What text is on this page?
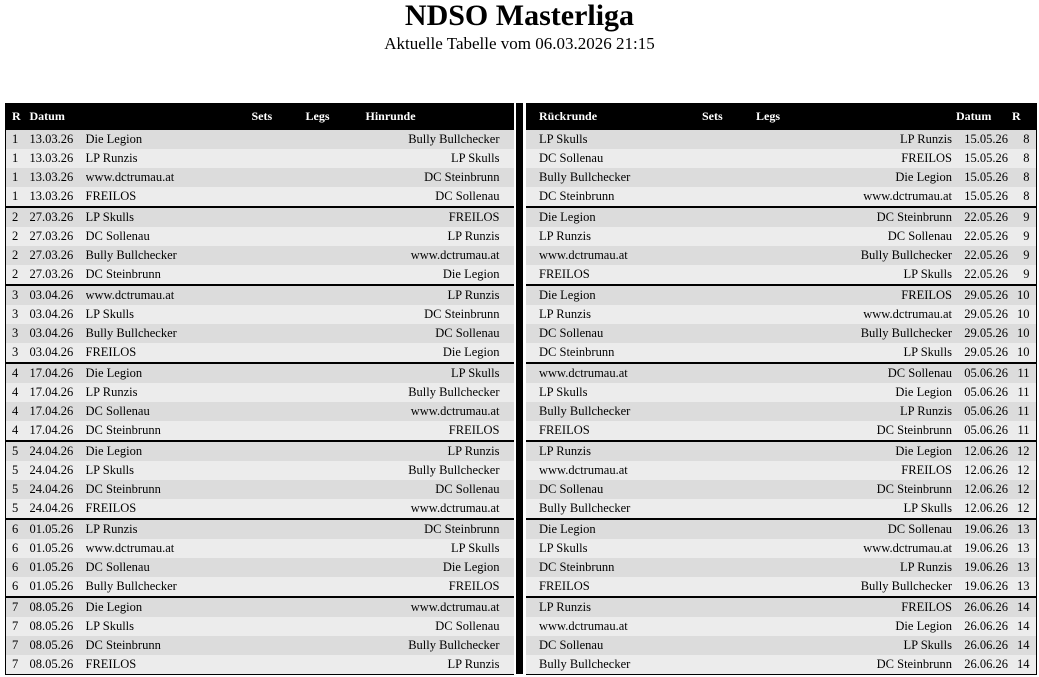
NDSO Masterliga
Aktuelle Tabelle vom 06.03.2026 21:15
R	Datum		Sets	Legs	Hinrunde
1	13.03.26	Die Legion			Bully Bullchecker
1	13.03.26	LP Runzis			LP Skulls
1	13.03.26	www.dctrumau.at			DC Steinbrunn
1	13.03.26	FREILOS			DC Sollenau
2	27.03.26	LP Skulls			FREILOS
2	27.03.26	DC Sollenau			LP Runzis
2	27.03.26	Bully Bullchecker			www.dctrumau.at
2	27.03.26	DC Steinbrunn			Die Legion
3	03.04.26	www.dctrumau.at			LP Runzis
3	03.04.26	LP Skulls			DC Steinbrunn
3	03.04.26	Bully Bullchecker			DC Sollenau
3	03.04.26	FREILOS			Die Legion
4	17.04.26	Die Legion			LP Skulls
4	17.04.26	LP Runzis			Bully Bullchecker
4	17.04.26	DC Sollenau			www.dctrumau.at
4	17.04.26	DC Steinbrunn			FREILOS
5	24.04.26	Die Legion			LP Runzis
5	24.04.26	LP Skulls			Bully Bullchecker
5	24.04.26	DC Steinbrunn			DC Sollenau
5	24.04.26	FREILOS			www.dctrumau.at
6	01.05.26	LP Runzis			DC Steinbrunn
6	01.05.26	www.dctrumau.at			LP Skulls
6	01.05.26	DC Sollenau			Die Legion
6	01.05.26	Bully Bullchecker			FREILOS
7	08.05.26	Die Legion			www.dctrumau.at
7	08.05.26	LP Skulls			DC Sollenau
7	08.05.26	DC Steinbrunn			Bully Bullchecker
7	08.05.26	FREILOS			LP Runzis
Rückrunde	Sets	Legs		Datum	R
LP Skulls			LP Runzis	15.05.26	8
DC Sollenau			FREILOS	15.05.26	8
Bully Bullchecker			Die Legion	15.05.26	8
DC Steinbrunn			www.dctrumau.at	15.05.26	8
Die Legion			DC Steinbrunn	22.05.26	9
LP Runzis			DC Sollenau	22.05.26	9
www.dctrumau.at			Bully Bullchecker	22.05.26	9
FREILOS			LP Skulls	22.05.26	9
Die Legion			FREILOS	29.05.26	10
LP Runzis			www.dctrumau.at	29.05.26	10
DC Sollenau			Bully Bullchecker	29.05.26	10
DC Steinbrunn			LP Skulls	29.05.26	10
www.dctrumau.at			DC Sollenau	05.06.26	11
LP Skulls			Die Legion	05.06.26	11
Bully Bullchecker			LP Runzis	05.06.26	11
FREILOS			DC Steinbrunn	05.06.26	11
LP Runzis			Die Legion	12.06.26	12
www.dctrumau.at			FREILOS	12.06.26	12
DC Sollenau			DC Steinbrunn	12.06.26	12
Bully Bullchecker			LP Skulls	12.06.26	12
Die Legion			DC Sollenau	19.06.26	13
LP Skulls			www.dctrumau.at	19.06.26	13
DC Steinbrunn			LP Runzis	19.06.26	13
FREILOS			Bully Bullchecker	19.06.26	13
LP Runzis			FREILOS	26.06.26	14
www.dctrumau.at			Die Legion	26.06.26	14
DC Sollenau			LP Skulls	26.06.26	14
Bully Bullchecker			DC Steinbrunn	26.06.26	14
